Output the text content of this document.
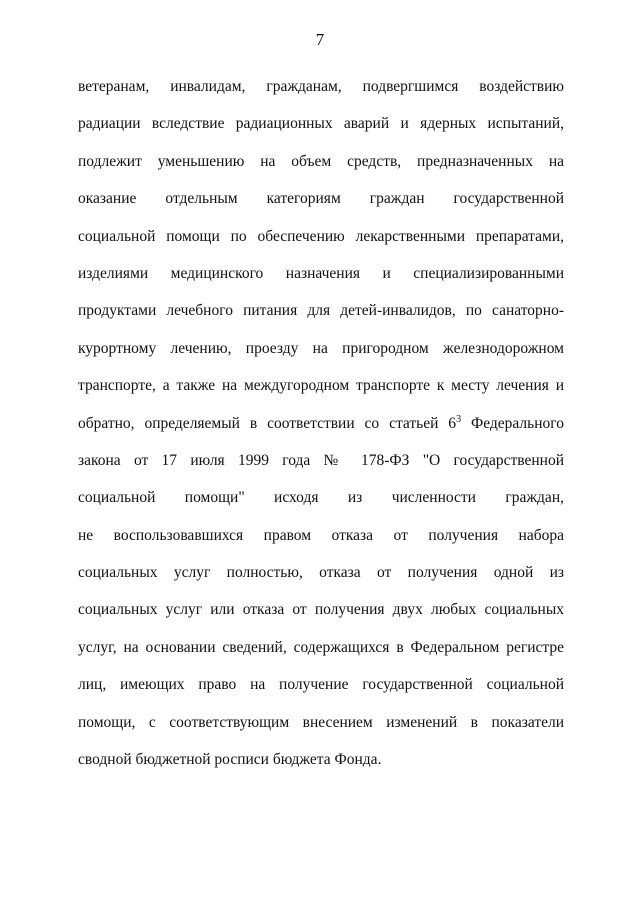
7
ветеранам, инвалидам, гражданам, подвергшимся воздействию
радиации вследствие радиационных аварий и ядерных испытаний,
подлежит уменьшению на объем средств, предназначенных на
оказание отдельным категориям граждан государственной
социальной помощи по обеспечению лекарственными препаратами,
изделиями медицинского назначения и специализированными
продуктами лечебного питания для детей-инвалидов, по санаторно-
курортному лечению, проезду на пригородном железнодорожном
транспорте, а также на междугородном транспорте к месту лечения и
обратно, определяемый в соответствии со статьей $6^3$ Федерального
закона от 17 июля 1999 года № 178-ФЗ "О государственной
социальной помощи" исходя из численности граждан,
не воспользовавшихся правом отказа от получения набора
социальных услуг полностью, отказа от получения одной из
социальных услуг или отказа от получения двух любых социальных
услуг, на основании сведений, содержащихся в Федеральном регистре
лиц, имеющих право на получение государственной социальной
помощи, с соответствующим внесением изменений в показатели
сводной бюджетной росписи бюджета Фонда.
